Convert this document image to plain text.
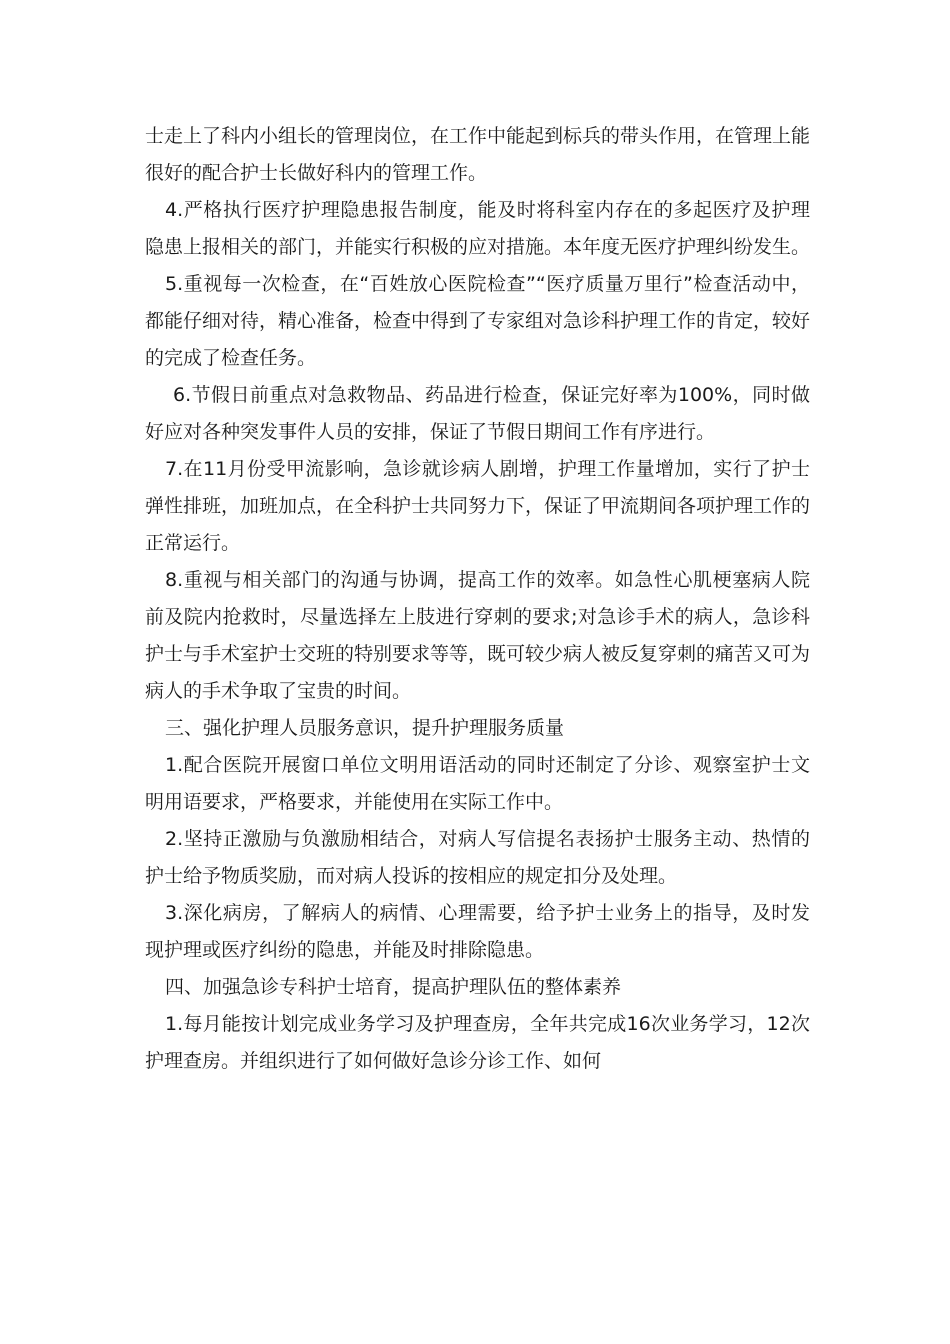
士走上了科内小组长的管理岗位，在工作中能起到标兵的带头作用，在管理上能很好的配合护士长做好科内的管理工作。

4.严格执行医疗护理隐患报告制度，能及时将科室内存在的多起医疗及护理隐患上报相关的部门，并能实行积极的应对措施。本年度无医疗护理纠纷发生。

5.重视每一次检查，在“百姓放心医院检查”“医疗质量万里行”检查活动中，都能仔细对待，精心准备，检查中得到了专家组对急诊科护理工作的肯定，较好的完成了检查任务。

6.节假日前重点对急救物品、药品进行检查，保证完好率为100%，同时做好应对各种突发事件人员的安排，保证了节假日期间工作有序进行。

7.在11月份受甲流影响，急诊就诊病人剧增，护理工作量增加，实行了护士弹性排班，加班加点，在全科护士共同努力下，保证了甲流期间各项护理工作的正常运行。

8.重视与相关部门的沟通与协调，提高工作的效率。如急性心肌梗塞病人院前及院内抢救时，尽量选择左上肢进行穿刺的要求;对急诊手术的病人，急诊科护士与手术室护士交班的特别要求等等，既可较少病人被反复穿刺的痛苦又可为病人的手术争取了宝贵的时间。

三、强化护理人员服务意识，提升护理服务质量

1.配合医院开展窗口单位文明用语活动的同时还制定了分诊、观察室护士文明用语要求，严格要求，并能使用在实际工作中。

2.坚持正激励与负激励相结合，对病人写信提名表扬护士服务主动、热情的护士给予物质奖励，而对病人投诉的按相应的规定扣分及处理。

3.深化病房，了解病人的病情、心理需要，给予护士业务上的指导，及时发现护理或医疗纠纷的隐患，并能及时排除隐患。

四、加强急诊专科护士培育，提高护理队伍的整体素养

1.每月能按计划完成业务学习及护理查房，全年共完成16次业务学习，12次护理查房。并组织进行了如何做好急诊分诊工作、如何
